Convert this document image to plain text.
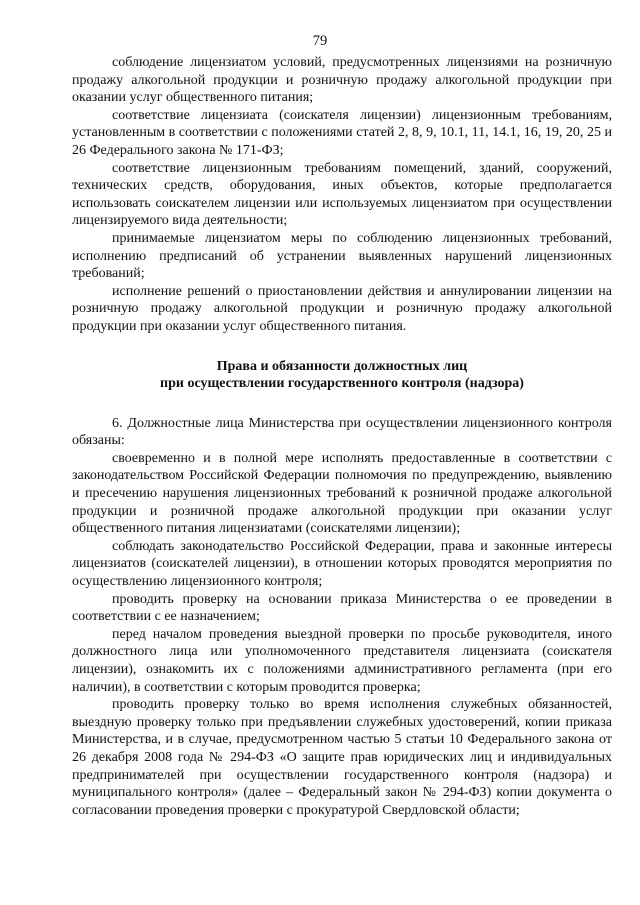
79

соблюдение лицензиатом условий, предусмотренных лицензиями на розничную продажу алкогольной продукции и розничную продажу алкогольной продукции при оказании услуг общественного питания;

соответствие лицензиата (соискателя лицензии) лицензионным требованиям, установленным в соответствии с положениями статей 2, 8, 9, 10.1, 11, 14.1, 16, 19, 20, 25 и 26 Федерального закона № 171-ФЗ;

соответствие лицензионным требованиям помещений, зданий, сооружений, технических средств, оборудования, иных объектов, которые предполагается использовать соискателем лицензии или используемых лицензиатом при осуществлении лицензируемого вида деятельности;

принимаемые лицензиатом меры по соблюдению лицензионных требований, исполнению предписаний об устранении выявленных нарушений лицензионных требований;

исполнение решений о приостановлении действия и аннулировании лицензии на розничную продажу алкогольной продукции и розничную продажу алкогольной продукции при оказании услуг общественного питания.

Права и обязанности должностных лиц
при осуществлении государственного контроля (надзора)

6. Должностные лица Министерства при осуществлении лицензионного контроля обязаны:

своевременно и в полной мере исполнять предоставленные в соответствии с законодательством Российской Федерации полномочия по предупреждению, выявлению и пресечению нарушения лицензионных требований к розничной продаже алкогольной продукции и розничной продаже алкогольной продукции при оказании услуг общественного питания лицензиатами (соискателями лицензии);

соблюдать законодательство Российской Федерации, права и законные интересы лицензиатов (соискателей лицензии), в отношении которых проводятся мероприятия по осуществлению лицензионного контроля;

проводить проверку на основании приказа Министерства о ее проведении в соответствии с ее назначением;

перед началом проведения выездной проверки по просьбе руководителя, иного должностного лица или уполномоченного представителя лицензиата (соискателя лицензии), ознакомить их с положениями административного регламента (при его наличии), в соответствии с которым проводится проверка;

проводить проверку только во время исполнения служебных обязанностей, выездную проверку только при предъявлении служебных удостоверений, копии приказа Министерства, и в случае, предусмотренном частью 5 статьи 10 Федерального закона от 26 декабря 2008 года № 294-ФЗ «О защите прав юридических лиц и индивидуальных предпринимателей при осуществлении государственного контроля (надзора) и муниципального контроля» (далее – Федеральный закон № 294-ФЗ) копии документа о согласовании проведения проверки с прокуратурой Свердловской области;
